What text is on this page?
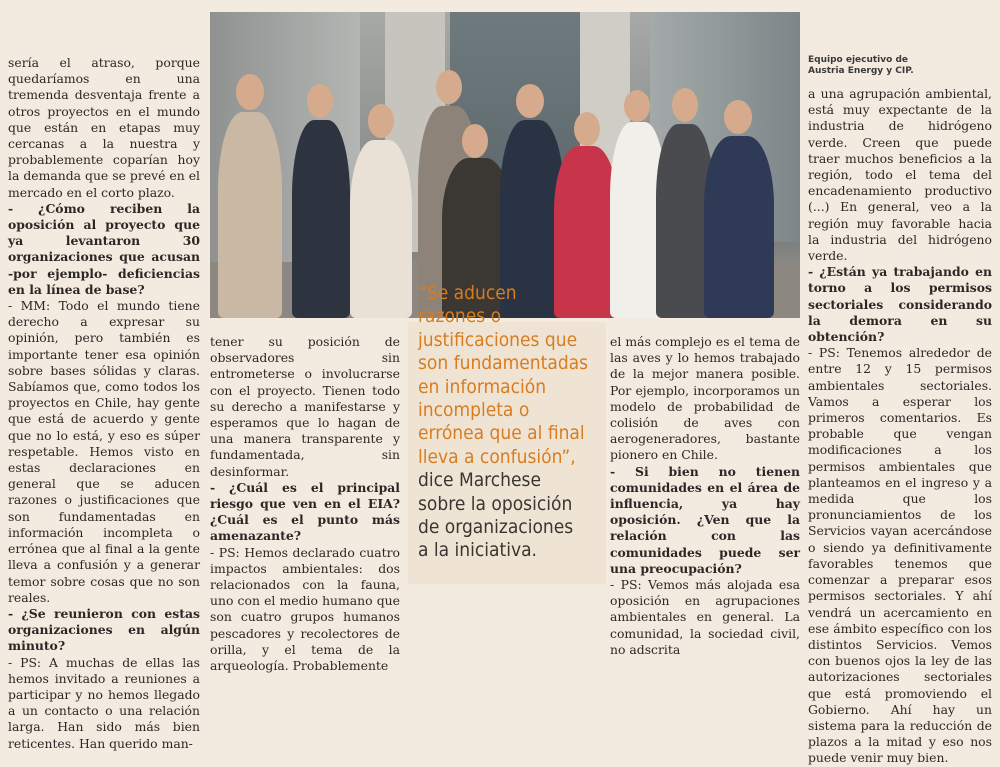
Equipo ejecutivo de
Austria Energy y CIP.

sería el atraso, porque quedaríamos en una tremenda desventaja frente a otros proyectos en el mundo que están en etapas muy cercanas a la nuestra y probablemente coparían hoy la demanda que se prevé en el mercado en el corto plazo.

- ¿Cómo reciben la oposición al proyecto que ya levantaron 30 organizaciones que acusan -por ejemplo- deficiencias en la línea de base?

- MM: Todo el mundo tiene derecho a expresar su opinión, pero también es importante tener esa opinión sobre bases sólidas y claras. Sabíamos que, como todos los proyectos en Chile, hay gente que está de acuerdo y gente que no lo está, y eso es súper respetable. Hemos visto en estas declaraciones en general que se aducen razones o justificaciones que son fundamentadas en información incompleta o errónea que al final a la gente lleva a confusión y a generar temor sobre cosas que no son reales.

- ¿Se reunieron con estas organizaciones en algún minuto?

- PS: A muchas de ellas las hemos invitado a reuniones a participar y no hemos llegado a un contacto o una relación larga. Han sido más bien reticentes. Han querido man-

tener su posición de observadores sin entrometerse o involucrarse con el proyecto. Tienen todo su derecho a manifestarse y esperamos que lo hagan de una manera transparente y fundamentada, sin desinformar.

- ¿Cuál es el principal riesgo que ven en el EIA? ¿Cuál es el punto más amenazante?

- PS: Hemos declarado cuatro impactos ambientales: dos relacionados con la fauna, uno con el medio humano que son cuatro grupos humanos pescadores y recolectores de orilla, y el tema de la arqueología. Probablemente

el más complejo es el tema de las aves y lo hemos trabajado de la mejor manera posible. Por ejemplo, incorporamos un modelo de probabilidad de colisión de aves con aerogeneradores, bastante pionero en Chile.

- Si bien no tienen comunidades en el área de influencia, ya hay oposición. ¿Ven que la relación con las comunidades puede ser una preocupación?

- PS: Vemos más alojada esa oposición en agrupaciones ambientales en general. La comunidad, la sociedad civil, no adscrita

a una agrupación ambiental, está muy expectante de la industria de hidrógeno verde. Creen que puede traer muchos beneficios a la región, todo el tema del encadenamiento productivo (...) En general, veo a la región muy favorable hacia la industria del hidrógeno verde.

- ¿Están ya trabajando en torno a los permisos sectoriales considerando la demora en su obtención?

- PS: Tenemos alrededor de entre 12 y 15 permisos ambientales sectoriales. Vamos a esperar los primeros comentarios. Es probable que vengan modificaciones a los permisos ambientales que planteamos en el ingreso y a medida que los pronunciamientos de los Servicios vayan acercándose o siendo ya definitivamente favorables tenemos que comenzar a preparar esos permisos sectoriales. Y ahí vendrá un acercamiento en ese ámbito específico con los distintos Servicios. Vemos con buenos ojos la ley de las autorizaciones sectoriales que está promoviendo el Gobierno. Ahí hay un sistema para la reducción de plazos a la mitad y eso nos puede venir muy bien.

“Se aducen
razones o
justificaciones que
son fundamentadas
en información
incompleta o
errónea que al final
lleva a confusión”,
dice Marchese
sobre la oposición
de organizaciones
a la iniciativa.
